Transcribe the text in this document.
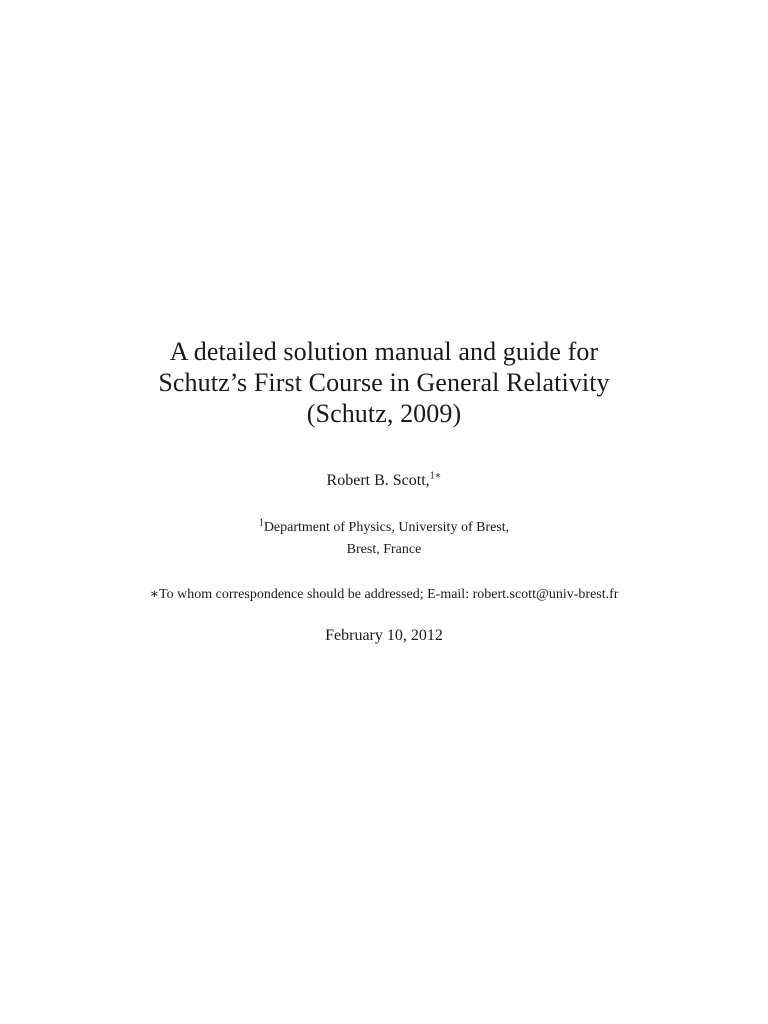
A detailed solution manual and guide for
Schutz’s First Course in General Relativity
(Schutz, 2009)
Robert B. Scott,$^{1∗}$
$^1$Department of Physics, University of Brest,
Brest, France
∗To whom correspondence should be addressed; E-mail: robert.scott@univ-brest.fr
February 10, 2012
